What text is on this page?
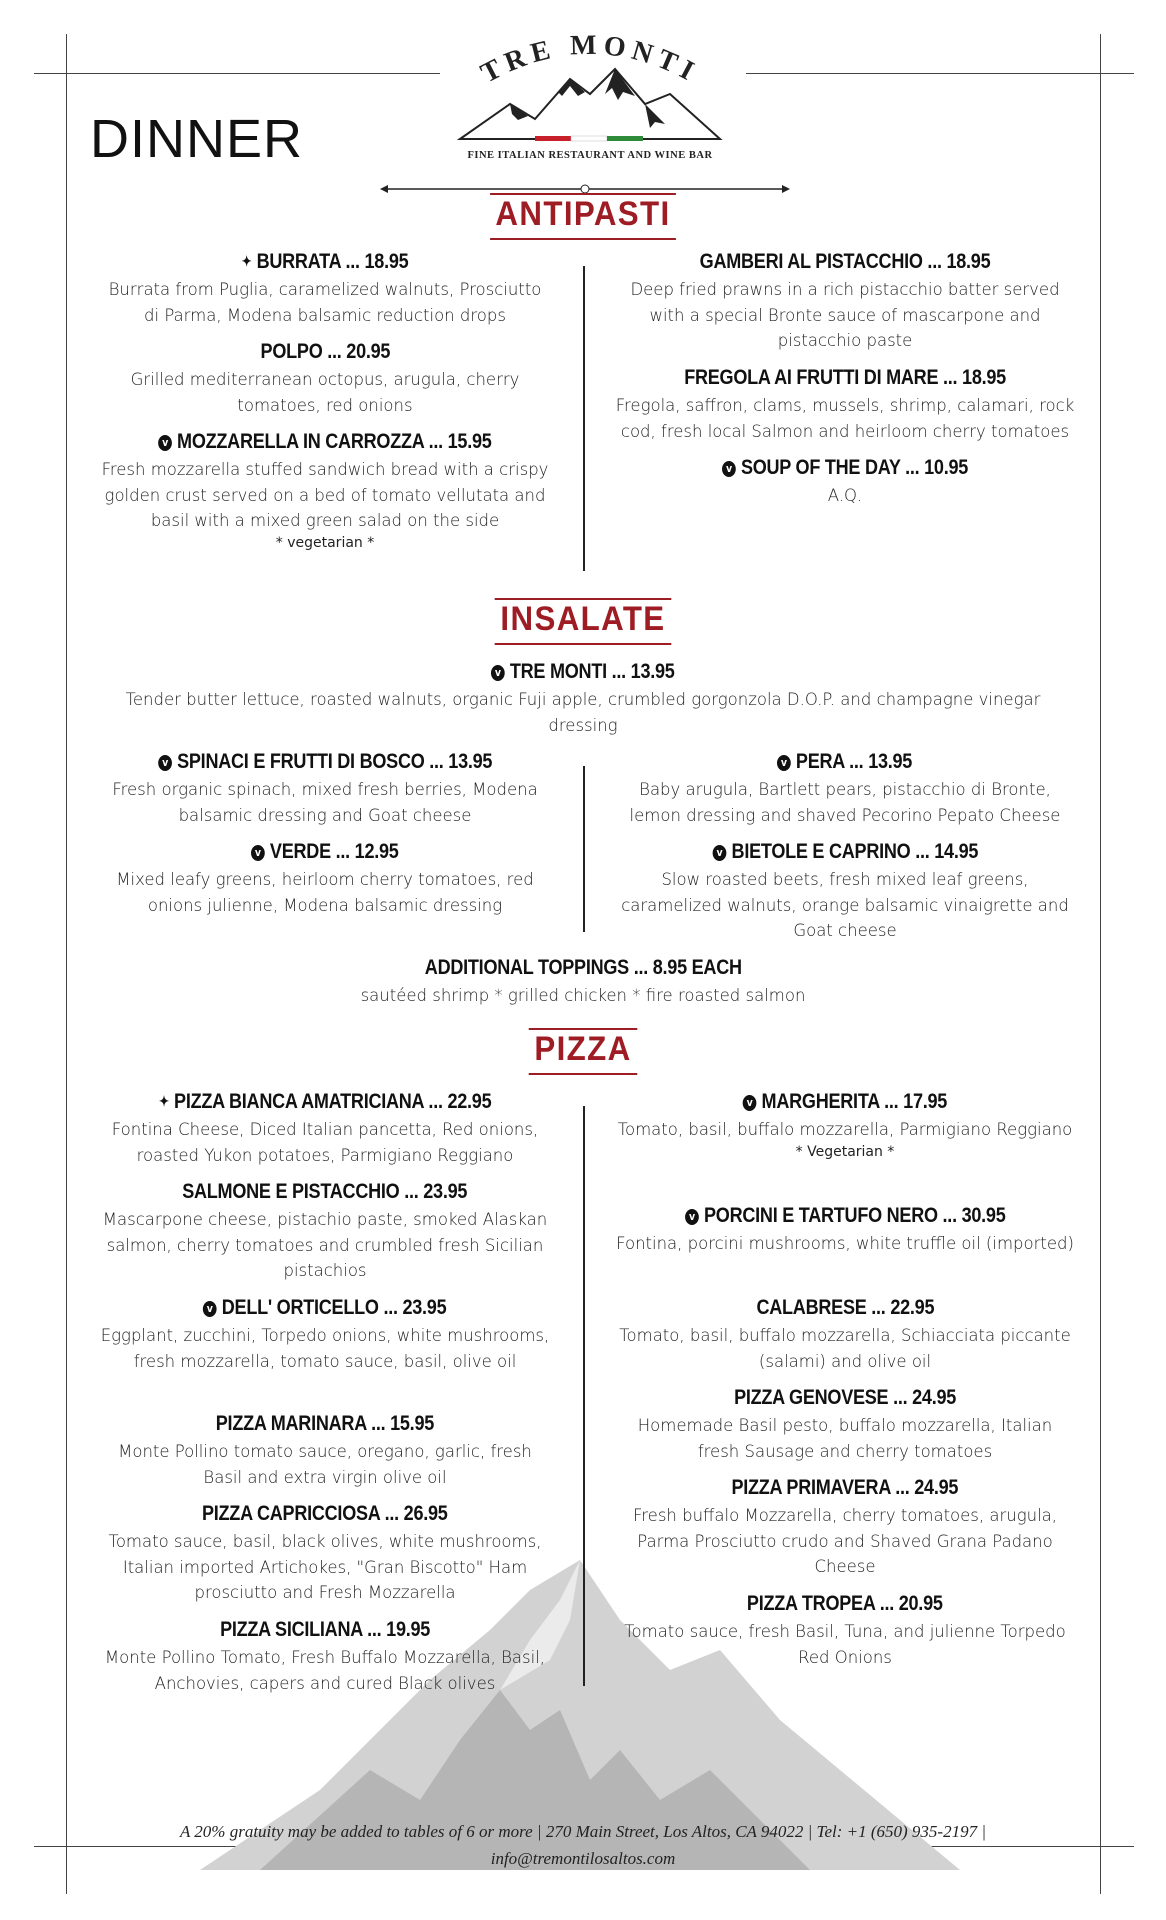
DINNER
TRE MONTI
FINE ITALIAN RESTAURANT AND WINE BAR
ANTIPASTI
✦ BURRATA ... 18.95
Burrata from Puglia, caramelized walnuts, Prosciutto di Parma, Modena balsamic reduction drops
POLPO ... 20.95
Grilled mediterranean octopus, arugula, cherry tomatoes, red onions
v MOZZARELLA IN CARROZZA ... 15.95
Fresh mozzarella stuffed sandwich bread with a crispy golden crust served on a bed of tomato vellutata and basil with a mixed green salad on the side
* vegetarian *
GAMBERI AL PISTACCHIO ... 18.95
Deep fried prawns in a rich pistacchio batter served with a special Bronte sauce of mascarpone and pistacchio paste
FREGOLA AI FRUTTI DI MARE ... 18.95
Fregola, saffron, clams, mussels, shrimp, calamari, rock cod, fresh local Salmon and heirloom cherry tomatoes
v SOUP OF THE DAY ... 10.95
A.Q.
INSALATE
v TRE MONTI ... 13.95
Tender butter lettuce, roasted walnuts, organic Fuji apple, crumbled gorgonzola D.O.P. and champagne vinegar dressing
v SPINACI E FRUTTI DI BOSCO ... 13.95
Fresh organic spinach, mixed fresh berries, Modena balsamic dressing and Goat cheese
v VERDE ... 12.95
Mixed leafy greens, heirloom cherry tomatoes, red onions julienne, Modena balsamic dressing
v PERA ... 13.95
Baby arugula, Bartlett pears, pistacchio di Bronte, lemon dressing and shaved Pecorino Pepato Cheese
v BIETOLE E CAPRINO ... 14.95
Slow roasted beets, fresh mixed leaf greens, caramelized walnuts, orange balsamic vinaigrette and Goat cheese
ADDITIONAL TOPPINGS ... 8.95 EACH
sautéed shrimp * grilled chicken * fire roasted salmon
PIZZA
✦ PIZZA BIANCA AMATRICIANA ... 22.95
Fontina Cheese, Diced Italian pancetta, Red onions, roasted Yukon potatoes, Parmigiano Reggiano
SALMONE E PISTACCHIO ... 23.95
Mascarpone cheese, pistachio paste, smoked Alaskan salmon, cherry tomatoes and crumbled fresh Sicilian pistachios
v DELL' ORTICELLO ... 23.95
Eggplant, zucchini, Torpedo onions, white mushrooms, fresh mozzarella, tomato sauce, basil, olive oil
PIZZA MARINARA ... 15.95
Monte Pollino tomato sauce, oregano, garlic, fresh Basil and extra virgin olive oil
PIZZA CAPRICCIOSA ... 26.95
Tomato sauce, basil, black olives, white mushrooms, Italian imported Artichokes, "Gran Biscotto" Ham prosciutto and Fresh Mozzarella
PIZZA SICILIANA ... 19.95
Monte Pollino Tomato, Fresh Buffalo Mozzarella, Basil, Anchovies, capers and cured Black olives
v MARGHERITA ... 17.95
Tomato, basil, buffalo mozzarella, Parmigiano Reggiano
* Vegetarian *
v PORCINI E TARTUFO NERO ... 30.95
Fontina, porcini mushrooms, white truffle oil (imported)
CALABRESE ... 22.95
Tomato, basil, buffalo mozzarella, Schiacciata piccante (salami) and olive oil
PIZZA GENOVESE ... 24.95
Homemade Basil pesto, buffalo mozzarella, Italian fresh Sausage and cherry tomatoes
PIZZA PRIMAVERA ... 24.95
Fresh buffalo Mozzarella, cherry tomatoes, arugula, Parma Prosciutto crudo and Shaved Grana Padano Cheese
PIZZA TROPEA ... 20.95
Tomato sauce, fresh Basil, Tuna, and julienne Torpedo Red Onions
A 20% gratuity may be added to tables of 6 or more | 270 Main Street, Los Altos, CA 94022 | Tel: +1 (650) 935-2197 |
info@tremontilosaltos.com
